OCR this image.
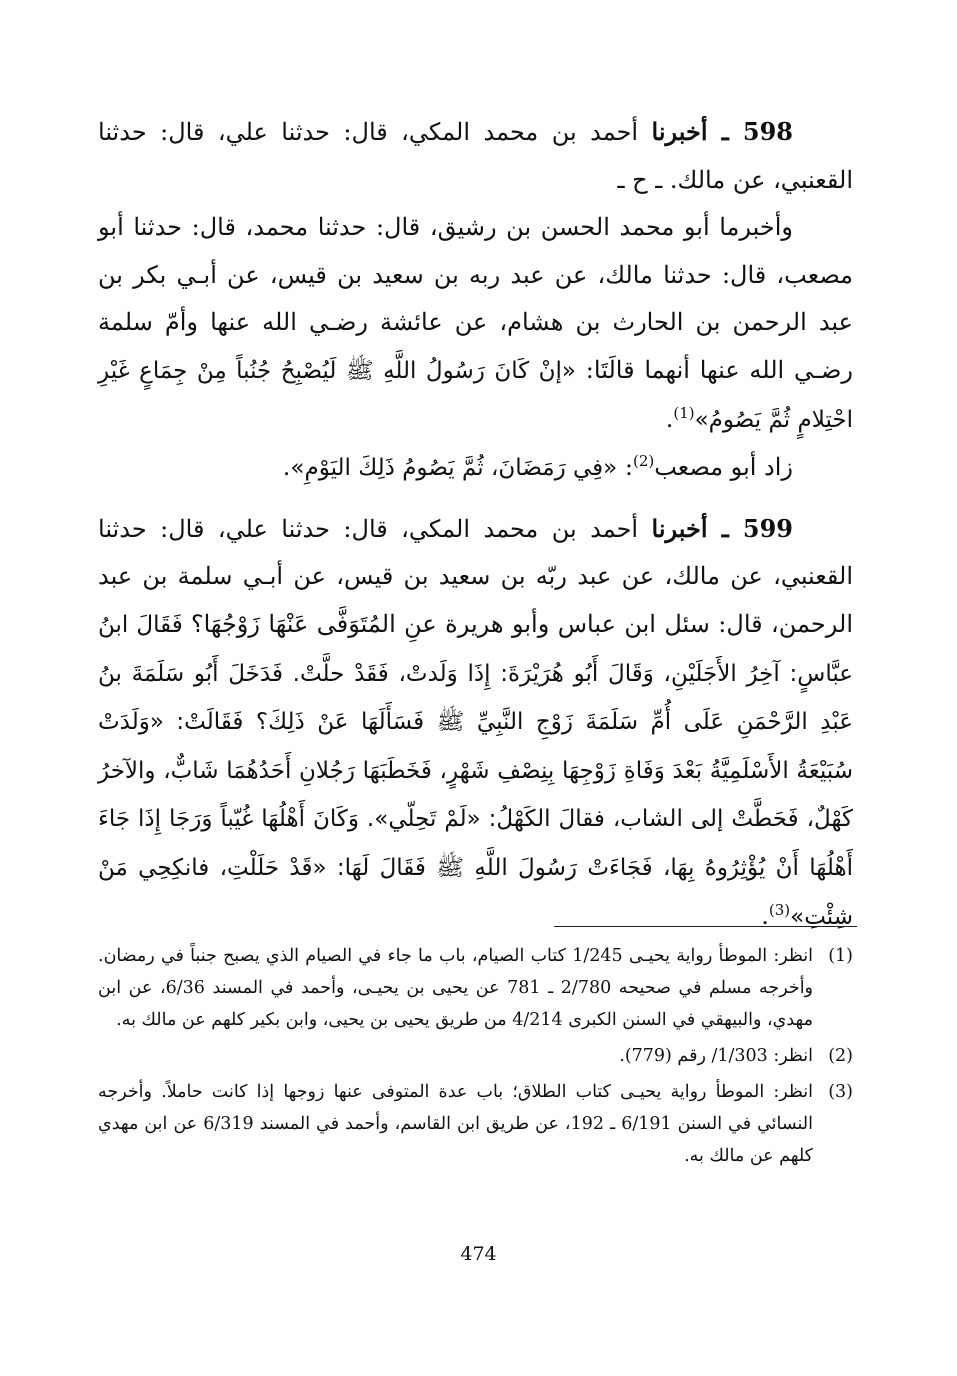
598 ـ أخبرنا أحمد بن محمد المكي، قال: حدثنا علي، قال: حدثنا القعنبي، عن مالك. ـ ح ـ

وأخبرما أبو محمد الحسن بن رشيق، قال: حدثنا محمد، قال: حدثنا أبو مصعب، قال: حدثنا مالك، عن عبد ربه بن سعيد بن قيس، عن أبـي بكر بن عبد الرحمن بن الحارث بن هشام، عن عائشة رضـي الله عنها وأمّ سلمة رضـي الله عنها أنهما قالَتَا: «إنْ كَانَ رَسُولُ اللَّهِ ﷺ لَيُصْبِحُ جُنُباً مِنْ جِمَاعٍ غَيْرِ احْتِلامٍ ثُمَّ يَصُومُ»$^{(1)}$.

زاد أبو مصعب$^{(2)}$: «فِي رَمَضَانَ، ثُمَّ يَصُومُ ذَلِكَ اليَوْمِ».

599 ـ أخبرنا أحمد بن محمد المكي، قال: حدثنا علي، قال: حدثنا القعنبي، عن مالك، عن عبد ربّه بن سعيد بن قيس، عن أبـي سلمة بن عبد الرحمن، قال: سئل ابن عباس وأبو هريرة عنِ المُتَوَفَّى عَنْهَا زَوْجُهَا؟ فَقَالَ ابنُ عبَّاسٍ: آخِرُ الأَجَلَيْنِ، وَقَالَ أَبُو هُرَيْرَةَ: إِذَا وَلَدتْ، فَقَدْ حلَّتْ. فَدَخَلَ أَبُو سَلَمَةَ بنُ عَبْدِ الرَّحْمَنِ عَلَى أُمِّ سَلَمَةَ زَوْجِ النَّبِيِّ ﷺ فَسَأَلَهَا عَنْ ذَلِكَ؟ فَقَالَتْ: «وَلَدَتْ سُبَيْعَةُ الأَسْلَمِيَّةُ بَعْدَ وَفَاةِ زَوْجِهَا بِنِصْفِ شَهْرٍ، فَخَطَبَهَا رَجُلانِ أَحَدُهُمَا شَابٌّ، والآخرُ كَهْلٌ، فَحَطَّتْ إلى الشاب، فقالَ الكَهْلُ: «لَمْ تَحِلّي». وَكَانَ أَهْلُهَا غُيّباً وَرَجَا إِذَا جَاءَ أَهْلُهَا أَنْ يُؤْثِرُوهُ بِهَا، فَجَاءَتْ رَسُولَ اللَّهِ ﷺ فَقَالَ لَهَا: «قَدْ حَلَلْتِ، فانكِحِي مَنْ شِئْتِ»$^{(3)}$.

(1)
انظر: الموطأ رواية يحيـى 1/245 كتاب الصيام، باب ما جاء في الصيام الذي يصبح جنباً في رمضان. وأخرجه مسلم في صحيحه 2/780 ـ 781 عن يحيى بن يحيـى، وأحمد في المسند 6/36، عن ابن مهدي، والبيهقي في السنن الكبرى 4/214 من طريق يحيى بن يحيى، وابن بكير كلهم عن مالك به.
(2)
انظر: 1/303/ رقم (779).
(3)
انظر: الموطأ رواية يحيـى كتاب الطلاق؛ باب عدة المتوفى عنها زوجها إذا كانت حاملاً. وأخرجه النسائي في السنن 6/191 ـ 192، عن طريق ابن القاسم، وأحمد في المسند 6/319 عن ابن مهدي كلهم عن مالك به.
474
